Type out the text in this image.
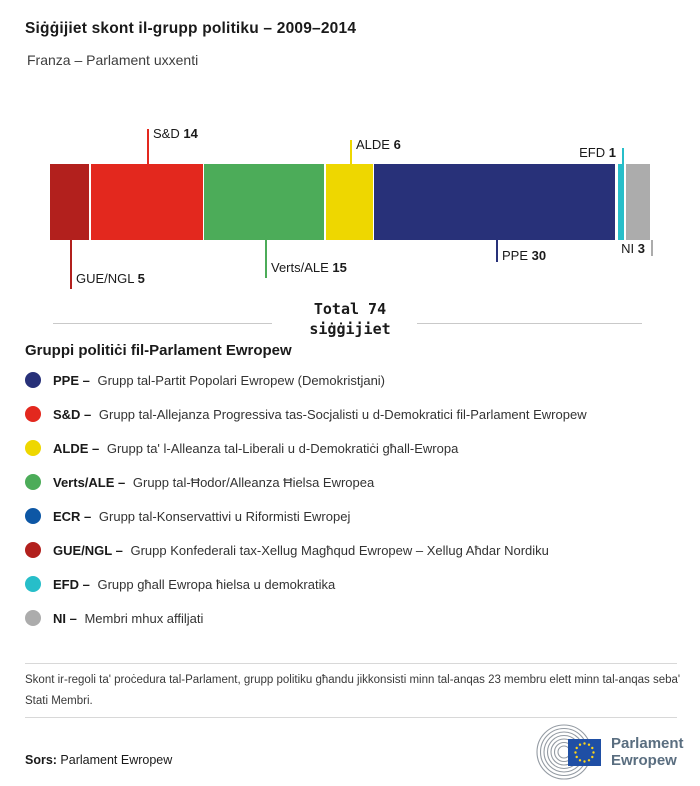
Siġġijiet skont il-grupp politiku – 2009–2014
Franza – Parlament uxxenti
GUE/NGL 5
S&D 14
Verts/ALE 15
ALDE 6
PPE 30
EFD 1
NI 3
Total 74
siġġijiet
Gruppi politiċi fil-Parlament Ewropew
PPE – Grupp tal-Partit Popolari Ewropew (Demokristjani)
S&D – Grupp tal-Allejanza Progressiva tas-Socjalisti u d-Demokratici fil-Parlament Ewropew
ALDE – Grupp ta' l-Alleanza tal-Liberali u d-Demokratiċi għall-Ewropa
Verts/ALE – Grupp tal-Ħodor/Alleanza Ħielsa Ewropea
ECR – Grupp tal-Konservattivi u Riformisti Ewropej
GUE/NGL – Grupp Konfederali tax-Xellug Magħqud Ewropew – Xellug Aħdar Nordiku
EFD – Grupp għall Ewropa ħielsa u demokratika
NI – Membri mhux affiljati
Skont ir-regoli ta' proċedura tal-Parlament, grupp politiku għandu jikkonsisti minn tal-anqas 23 membru elett minn tal-anqas seba' Stati Membri.
Sors: Parlament Ewropew
Parlament
Ewropew
